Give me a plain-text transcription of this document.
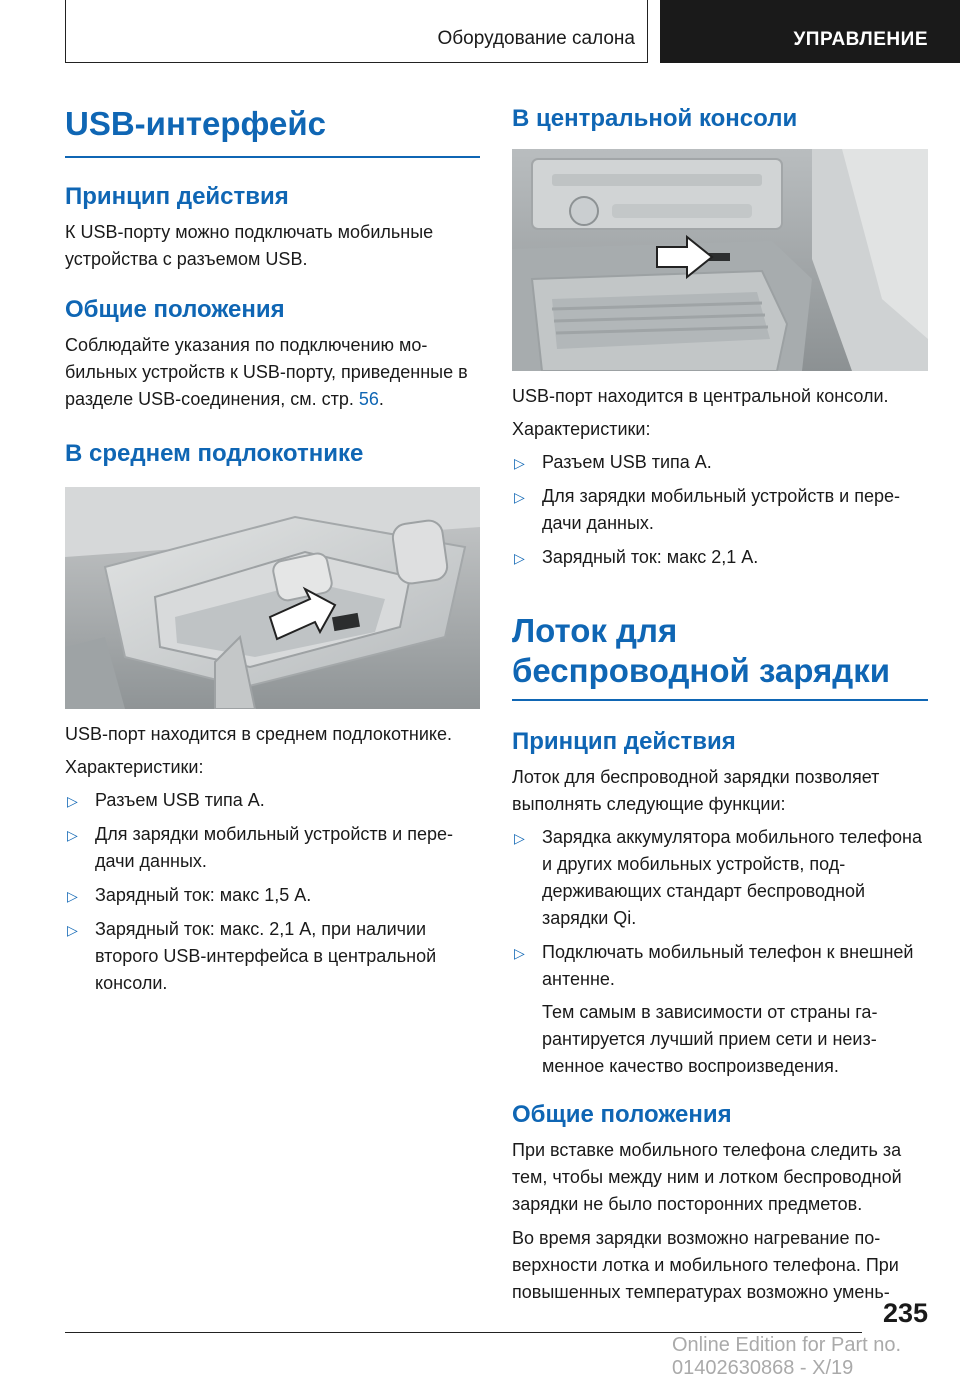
Оборудование салона	УПРАВЛЕНИЕ
USB-интерфейс
Принцип действия

К USB-порту можно подключать мобильные устройства с разъемом USB.

Общие положения

Соблюдайте указания по подключению мобильных устройств к USB-порту, приведенные в разделе USB-соединения, см. стр. 56.

В среднем подлокотнике

USB-порт находится в среднем подлокотнике.

Характеристики:

▷ Разъем USB типа А.
▷ Для зарядки мобильный устройств и передачи данных.
▷ Зарядный ток: макс 1,5 А.
▷ Зарядный ток: макс. 2,1 А, при наличии второго USB-интерфейса в центральной консоли.
В центральной консоли

USB-порт находится в центральной консоли.

Характеристики:

▷ Разъем USB типа А.
▷ Для зарядки мобильный устройств и передачи данных.
▷ Зарядный ток: макс 2,1 А.
Лоток для беспроводной зарядки
Принцип действия

Лоток для беспроводной зарядки позволяет выполнять следующие функции:

▷ Зарядка аккумулятора мобильного телефона и других мобильных устройств, поддерживающих стандарт беспроводной зарядки Qi.
▷ Подключать мобильный телефон к внешней антенне.

Тем самым в зависимости от страны гарантируется лучший прием сети и неизменное качество воспроизведения.

Общие положения

При вставке мобильного телефона следить за тем, чтобы между ним и лотком беспроводной зарядки не было посторонних предметов.

Во время зарядки возможно нагревание поверхности лотка и мобильного телефона. При повышенных температурах возможно умень-

235
Online Edition for Part no. 01402630868 - X/19
